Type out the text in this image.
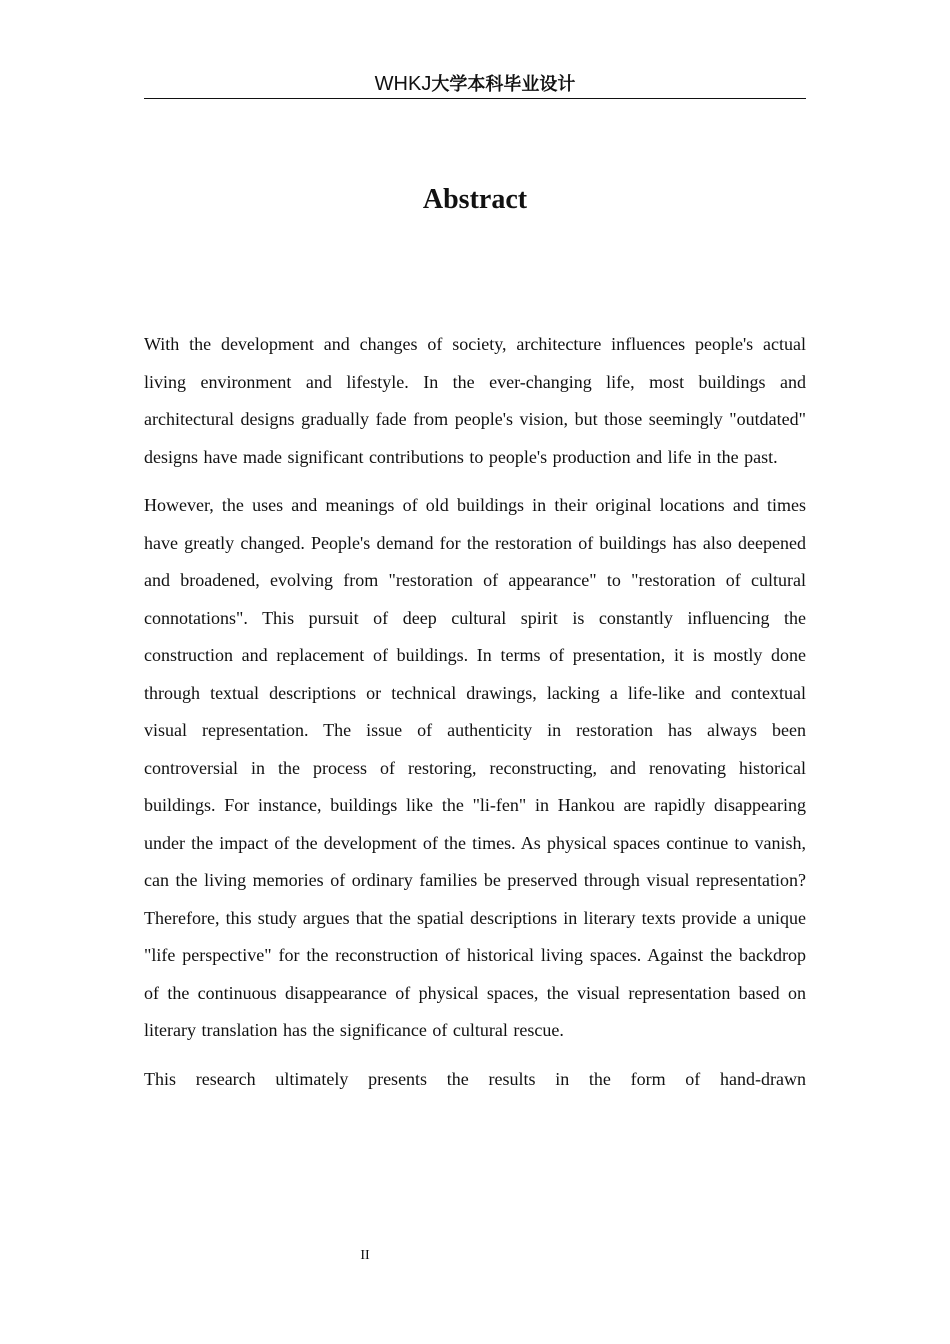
WHKJ大学本科毕业设计
Abstract

With the development and changes of society, architecture influences people's actual living environment and lifestyle. In the ever-changing life, most buildings and architectural designs gradually fade from people's vision, but those seemingly "outdated" designs have made significant contributions to people's production and life in the past.

However, the uses and meanings of old buildings in their original locations and times have greatly changed. People's demand for the restoration of buildings has also deepened and broadened, evolving from "restoration of appearance" to "restoration of cultural connotations". This pursuit of deep cultural spirit is constantly influencing the construction and replacement of buildings. In terms of presentation, it is mostly done through textual descriptions or technical drawings, lacking a life-like and contextual visual representation. The issue of authenticity in restoration has always been controversial in the process of restoring, reconstructing, and renovating historical buildings. For instance, buildings like the "li-fen" in Hankou are rapidly disappearing under the impact of the development of the times. As physical spaces continue to vanish, can the living memories of ordinary families be preserved through visual representation? Therefore, this study argues that the spatial descriptions in literary texts provide a unique "life perspective" for the reconstruction of historical living spaces. Against the backdrop of the continuous disappearance of physical spaces, the visual representation based on literary translation has the significance of cultural rescue.

This research ultimately presents the results in the form of hand-drawn

II
